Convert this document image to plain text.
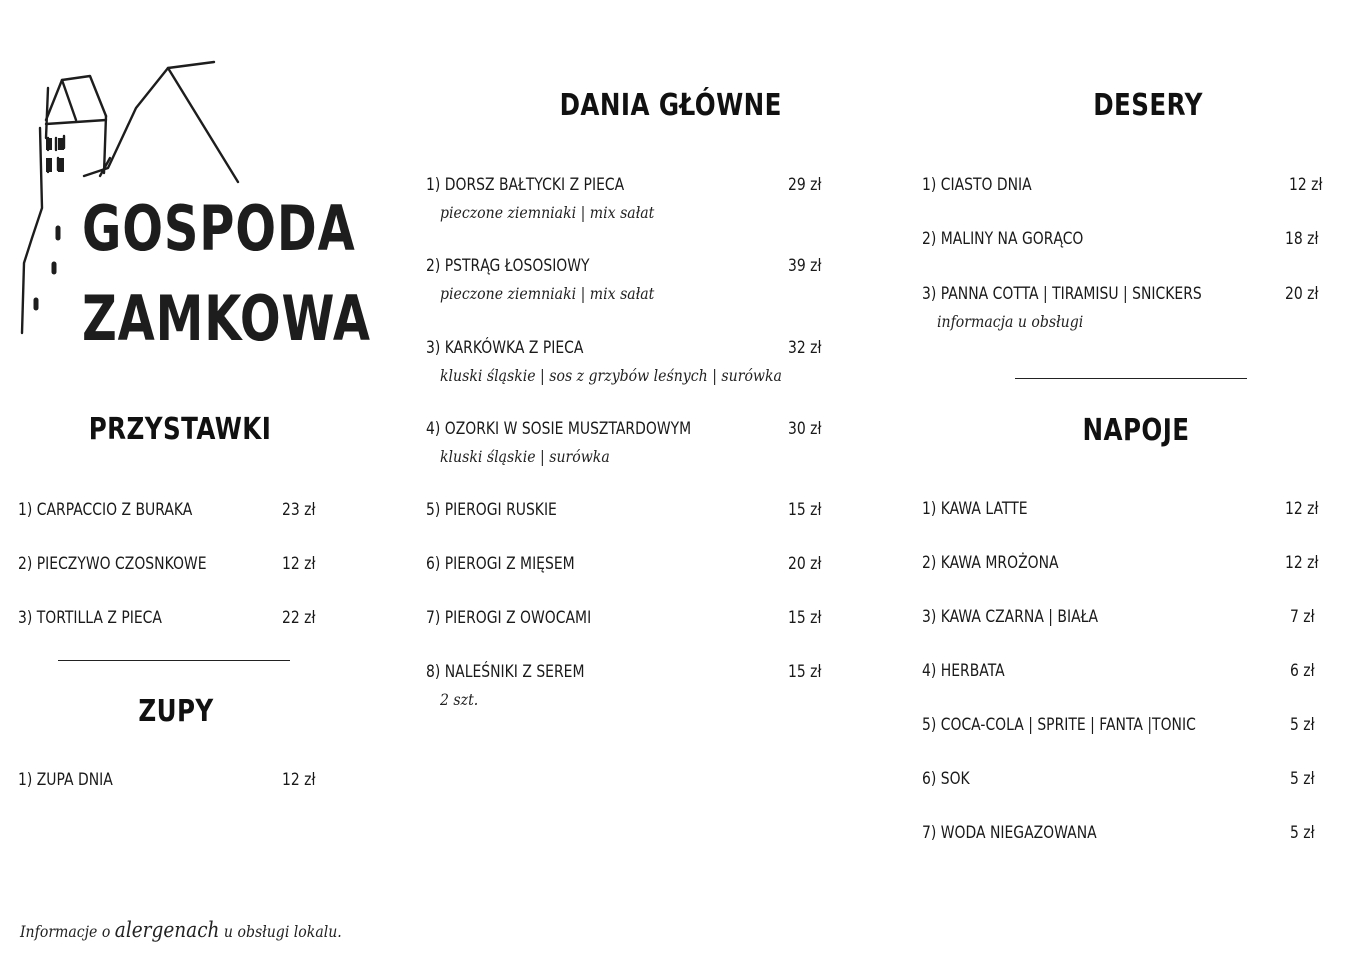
GOSPODA
ZAMKOWA
PRZYSTAWKI
1) CARPACCIO Z BURAKA	23 zł
2) PIECZYWO CZOSNKOWE	12 zł
3) TORTILLA Z PIECA	22 zł
ZUPY
1) ZUPA DNIA	12 zł
DANIA GŁÓWNE
1) DORSZ BAŁTYCKI Z PIECA	29 zł
pieczone ziemniaki | mix sałat
2) PSTRĄG ŁOSOSIOWY	39 zł
pieczone ziemniaki | mix sałat
3) KARKÓWKA Z PIECA	32 zł
kluski śląskie | sos z grzybów leśnych | surówka
4) OZORKI W SOSIE MUSZTARDOWYM	30 zł
kluski śląskie | surówka
5) PIEROGI RUSKIE	15 zł
6) PIEROGI Z MIĘSEM	20 zł
7) PIEROGI Z OWOCAMI	15 zł
8) NALEŚNIKI Z SEREM	15 zł
2 szt.
DESERY
1) CIASTO DNIA	12 zł
2) MALINY NA GORĄCO	18 zł
3) PANNA COTTA | TIRAMISU | SNICKERS	20 zł
informacja u obsługi
NAPOJE
1) KAWA LATTE	12 zł
2) KAWA MROŻONA	12 zł
3) KAWA CZARNA | BIAŁA	7 zł
4) HERBATA	6 zł
5) COCA-COLA | SPRITE | FANTA |TONIC	5 zł
6) SOK	5 zł
7) WODA NIEGAZOWANA	5 zł
Informacje o alergenach u obsługi lokalu.
